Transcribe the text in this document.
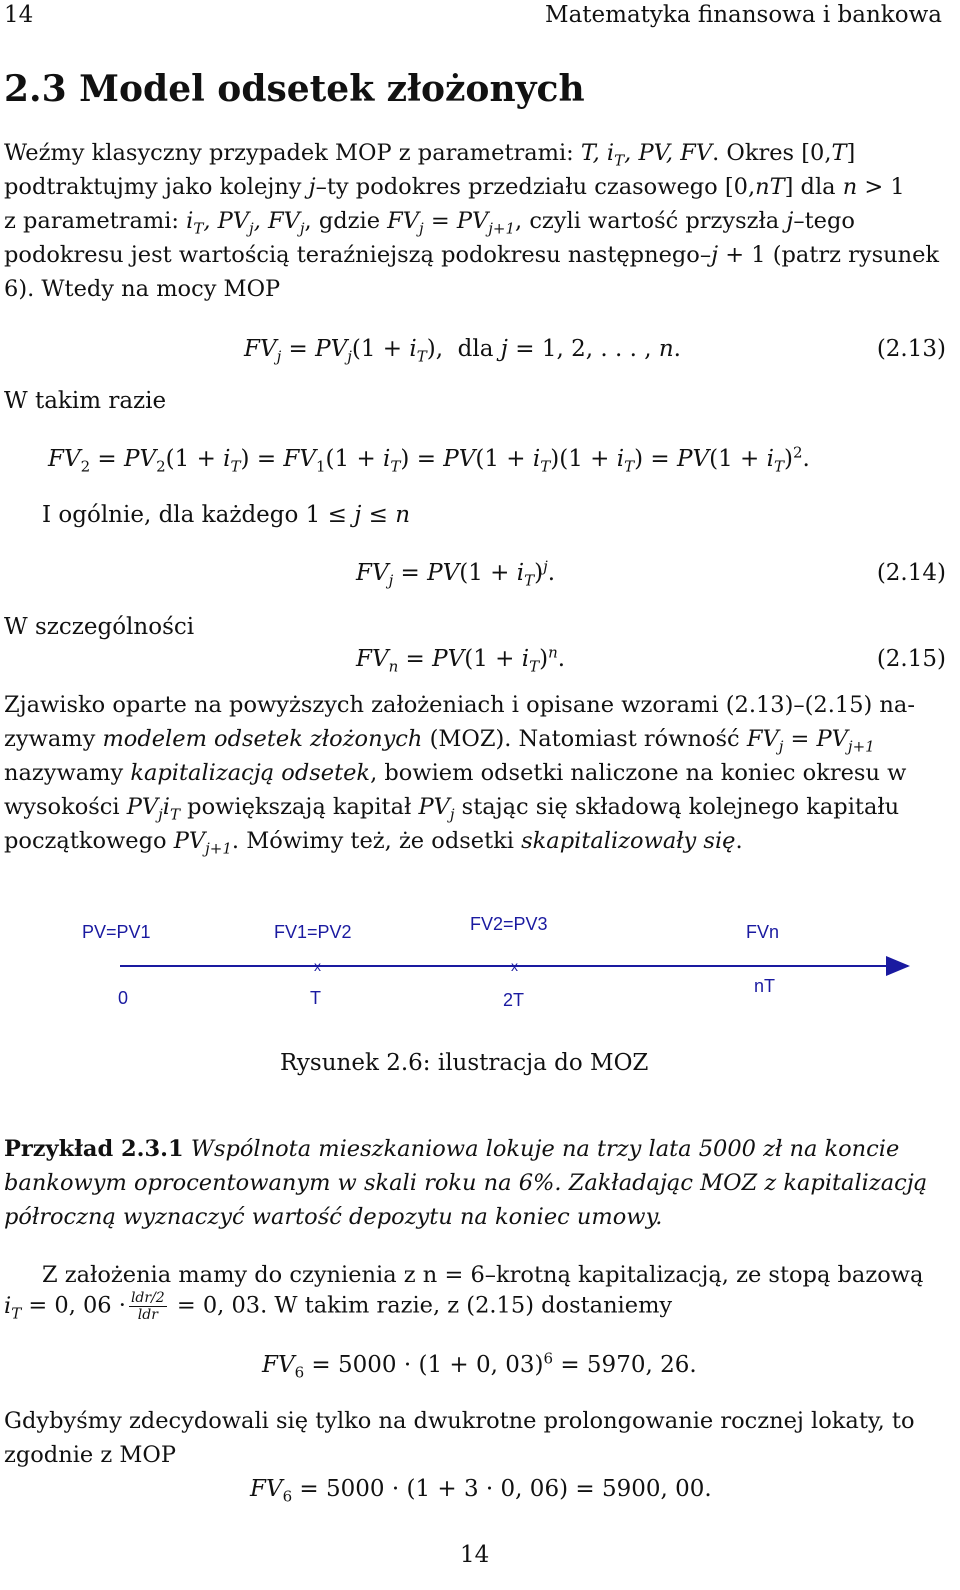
14	Matematyka finansowa i bankowa
2.3 Model odsetek złożonych
Weźmy klasyczny przypadek MOP z parametrami: T, $i_T$, PV, FV. Okres [0,T]
podtraktujmy jako kolejny j–ty podokres przedziału czasowego [0,nT] dla n > 1
z parametrami: $i_T$, $PV_j$, $FV_j$, gdzie $FV_j = PV_{j+1}$, czyli wartość przyszła j–tego
podokresu jest wartością teraźniejszą podokresu następnego–j + 1 (patrz rysunek
6). Wtedy na mocy MOP
$FV_j = PV_j(1 + i_T)$,  dla j = 1, 2, . . . , n.	(2.13)
W takim razie
$FV_2 = PV_2(1 + i_T) = FV_1(1 + i_T) = PV(1 + i_T)(1 + i_T) = PV(1 + i_T)^2$.
I ogólnie, dla każdego 1 ≤ j ≤ n
$FV_j = PV(1 + i_T)^j$.	(2.14)
W szczególności
$FV_n = PV(1 + i_T)^n$.	(2.15)
Zjawisko oparte na powyższych założeniach i opisane wzorami (2.13)–(2.15) na-
zywamy modelem odsetek złożonych (MOZ). Natomiast równość $FV_j = PV_{j+1}$
nazywamy kapitalizacją odsetek, bowiem odsetki naliczone na koniec okresu w
wysokości $PV_ji_T$ powiększają kapitał $PV_j$ stając się składową kolejnego kapitału
początkowego $PV_{j+1}$. Mówimy też, że odsetki skapitalizowały się.
PV=PV1	FV1=PV2	FV2=PV3	FVn
x	x
0	T	2T
nT
Rysunek 2.6: ilustracja do MOZ
Przykład 2.3.1 Wspólnota mieszkaniowa lokuje na trzy lata 5000 zł na koncie
bankowym oprocentowanym w skali roku na 6%. Zakładając MOZ z kapitalizacją
półroczną wyznaczyć wartość depozytu na koniec umowy.
Z założenia mamy do czynienia z n = 6–krotną kapitalizacją, ze stopą bazową
$i_T = 0$, $06 \cdot \frac{\text{ldr/2}}{\text{ldr}} = 0$, 03. W takim razie, z (2.15) dostaniemy
$FV_6 = 5000 \cdot (1 + 0$, 03)$^6$ = 5970, 26.
Gdybyśmy zdecydowali się tylko na dwukrotne prolongowanie rocznej lokaty, to
zgodnie z MOP
$FV_6 = 5000 \cdot (1 + 3 \cdot 0$, 06) = 5900, 00.
14
